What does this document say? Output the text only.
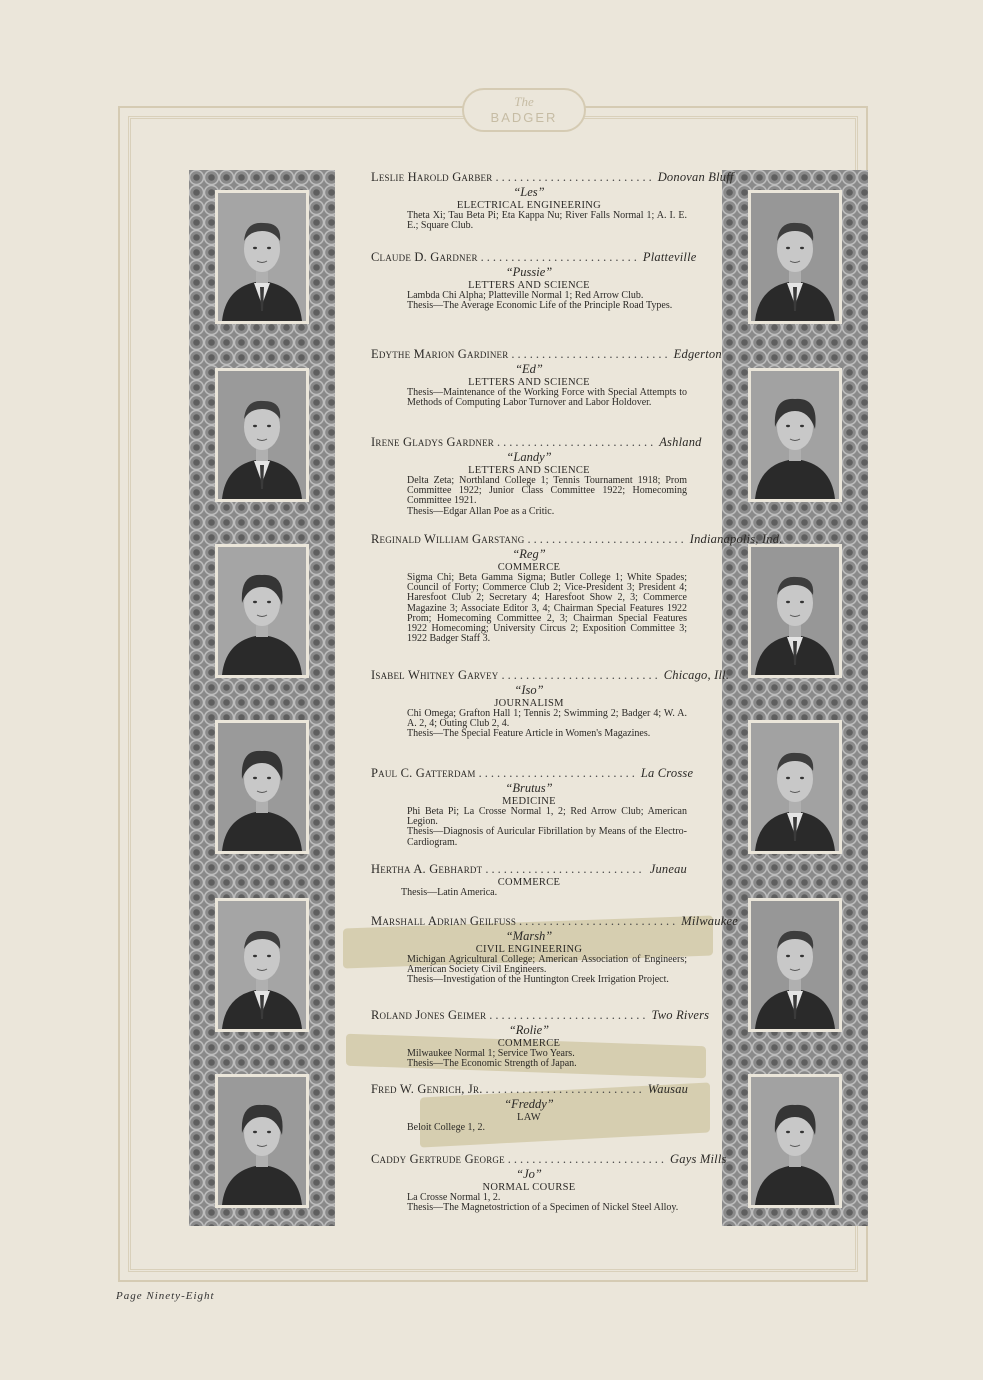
The
BADGER
Leslie Harold Garber .......................... Donovan Bluff
“Les”
ELECTRICAL ENGINEERING
Theta Xi; Tau Beta Pi; Eta Kappa Nu; River Falls Normal 1; A. I. E. E.; Square Club.
Claude D. Gardner .......................... Platteville
“Pussie”
LETTERS AND SCIENCE
Lambda Chi Alpha; Platteville Normal 1; Red Arrow Club.
Thesis—The Average Economic Life of the Principle Road Types.
Edythe Marion Gardiner .......................... Edgerton
“Ed”
LETTERS AND SCIENCE
Thesis—Maintenance of the Working Force with Special Attempts to Methods of Computing Labor Turnover and Labor Holdover.
Irene Gladys Gardner .......................... Ashland
“Landy”
LETTERS AND SCIENCE
Delta Zeta; Northland College 1; Tennis Tournament 1918; Prom Committee 1922; Junior Class Committee 1922; Homecoming Committee 1921.
Thesis—Edgar Allan Poe as a Critic.
Reginald William Garstang .......................... Indianapolis, Ind.
“Reg”
COMMERCE
Sigma Chi; Beta Gamma Sigma; Butler College 1; White Spades; Council of Forty; Commerce Club 2; Vice-President 3; President 4; Haresfoot Club 2; Secretary 4; Haresfoot Show 2, 3; Commerce Magazine 3; Associate Editor 3, 4; Chairman Special Features 1922 Prom; Homecoming Committee 2, 3; Chairman Special Features 1922 Homecoming; University Circus 2; Exposition Committee 3; 1922 Badger Staff 3.
Isabel Whitney Garvey .......................... Chicago, Ill.
“Iso”
JOURNALISM
Chi Omega; Grafton Hall 1; Tennis 2; Swimming 2; Badger 4; W. A. A. 2, 4; Outing Club 2, 4.
Thesis—The Special Feature Article in Women's Magazines.
Paul C. Gatterdam .......................... La Crosse
“Brutus”
MEDICINE
Phi Beta Pi; La Crosse Normal 1, 2; Red Arrow Club; American Legion.
Thesis—Diagnosis of Auricular Fibrillation by Means of the Electro-Cardiogram.
Hertha A. Gebhardt .......................... Juneau
COMMERCE
Thesis—Latin America.
Marshall Adrian Geilfuss .......................... Milwaukee
“Marsh”
CIVIL ENGINEERING
Michigan Agricultural College; American Association of Engineers; American Society Civil Engineers.
Thesis—Investigation of the Huntington Creek Irrigation Project.
Roland Jones Geimer .......................... Two Rivers
“Rolie”
COMMERCE
Milwaukee Normal 1; Service Two Years.
Thesis—The Economic Strength of Japan.
Fred W. Genrich, Jr. .......................... Wausau
“Freddy”
LAW
Beloit College 1, 2.
Caddy Gertrude George .......................... Gays Mills
“Jo”
NORMAL COURSE
La Crosse Normal 1, 2.
Thesis—The Magnetostriction of a Specimen of Nickel Steel Alloy.
Page Ninety-Eight
